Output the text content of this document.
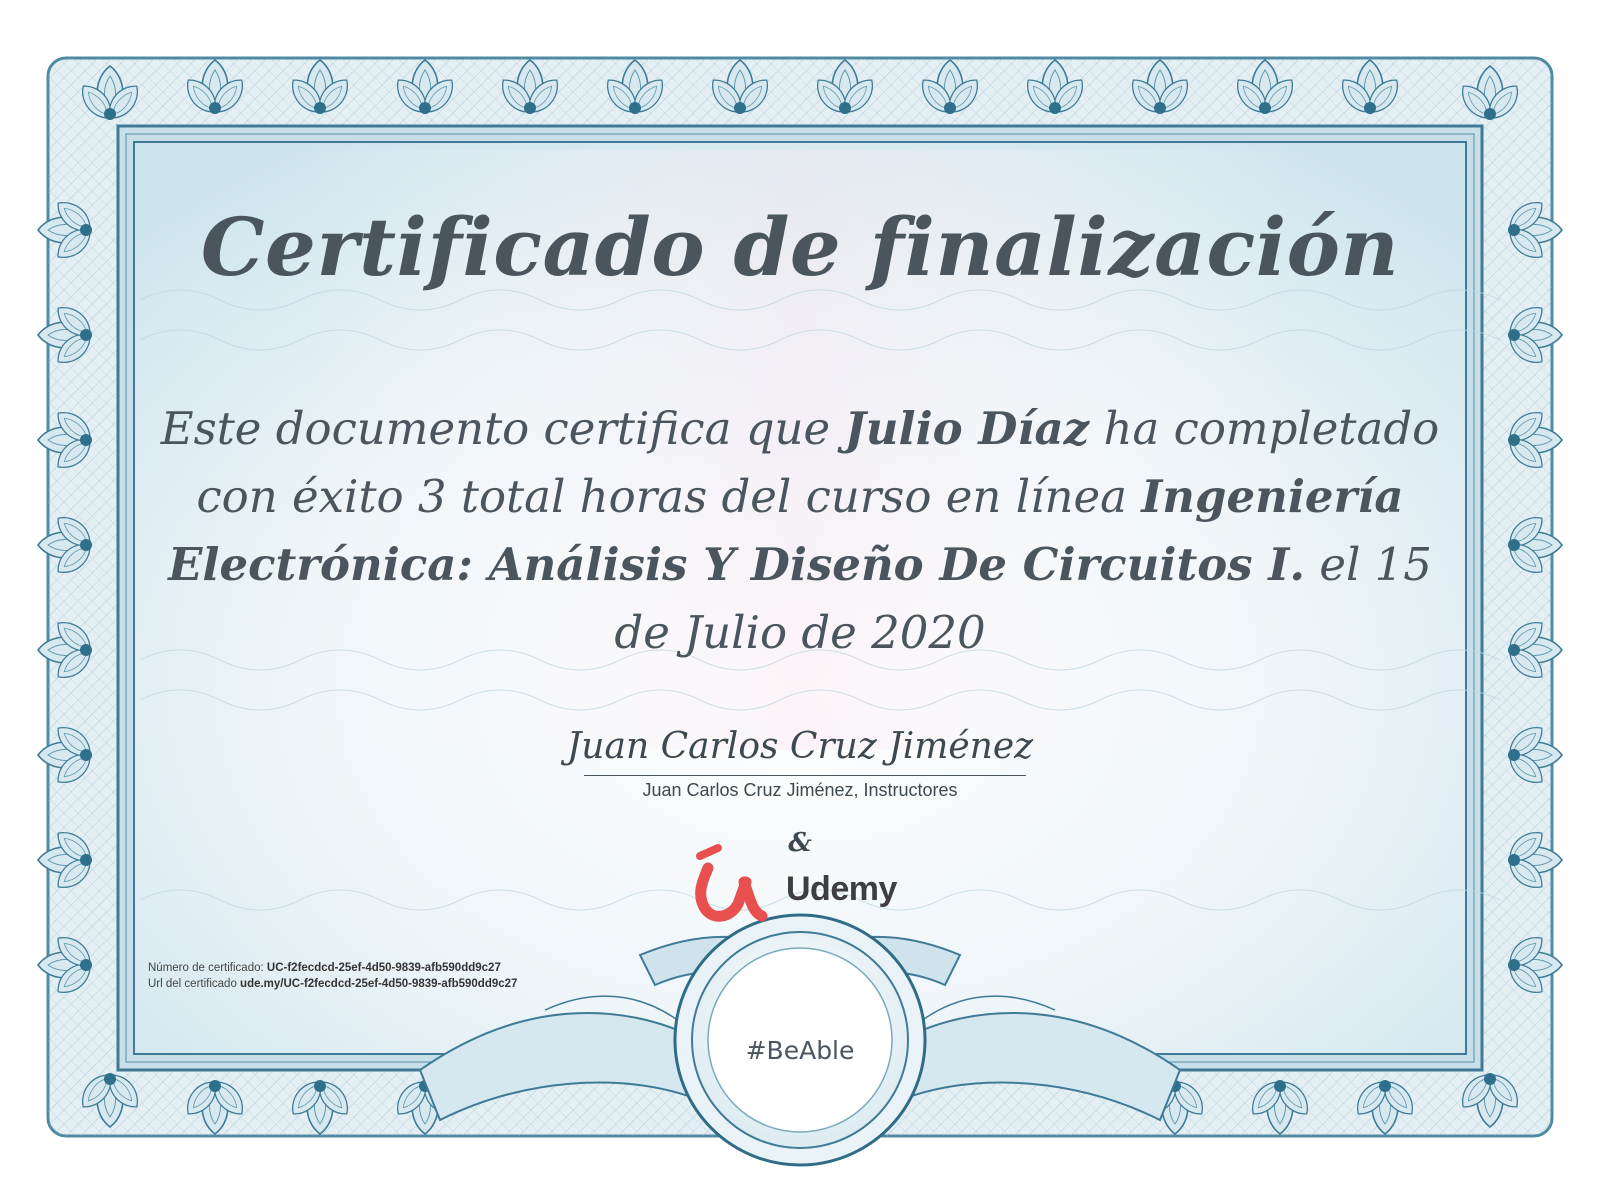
Juan Carlos Cruz Jiménez
Certificado de finalización
Este documento certifica que Julio Díaz ha completado con éxito 3 total horas del curso en línea Ingeniería Electrónica: Análisis Y Diseño De Circuitos I. el 15 de Julio de 2020
Juan Carlos Cruz Jiménez, Instructores
&
Udemy
Número de certificado: UC-f2fecdcd-25ef-4d50-9839-afb590dd9c27
Url del certificado ude.my/UC-f2fecdcd-25ef-4d50-9839-afb590dd9c27
#BeAble
